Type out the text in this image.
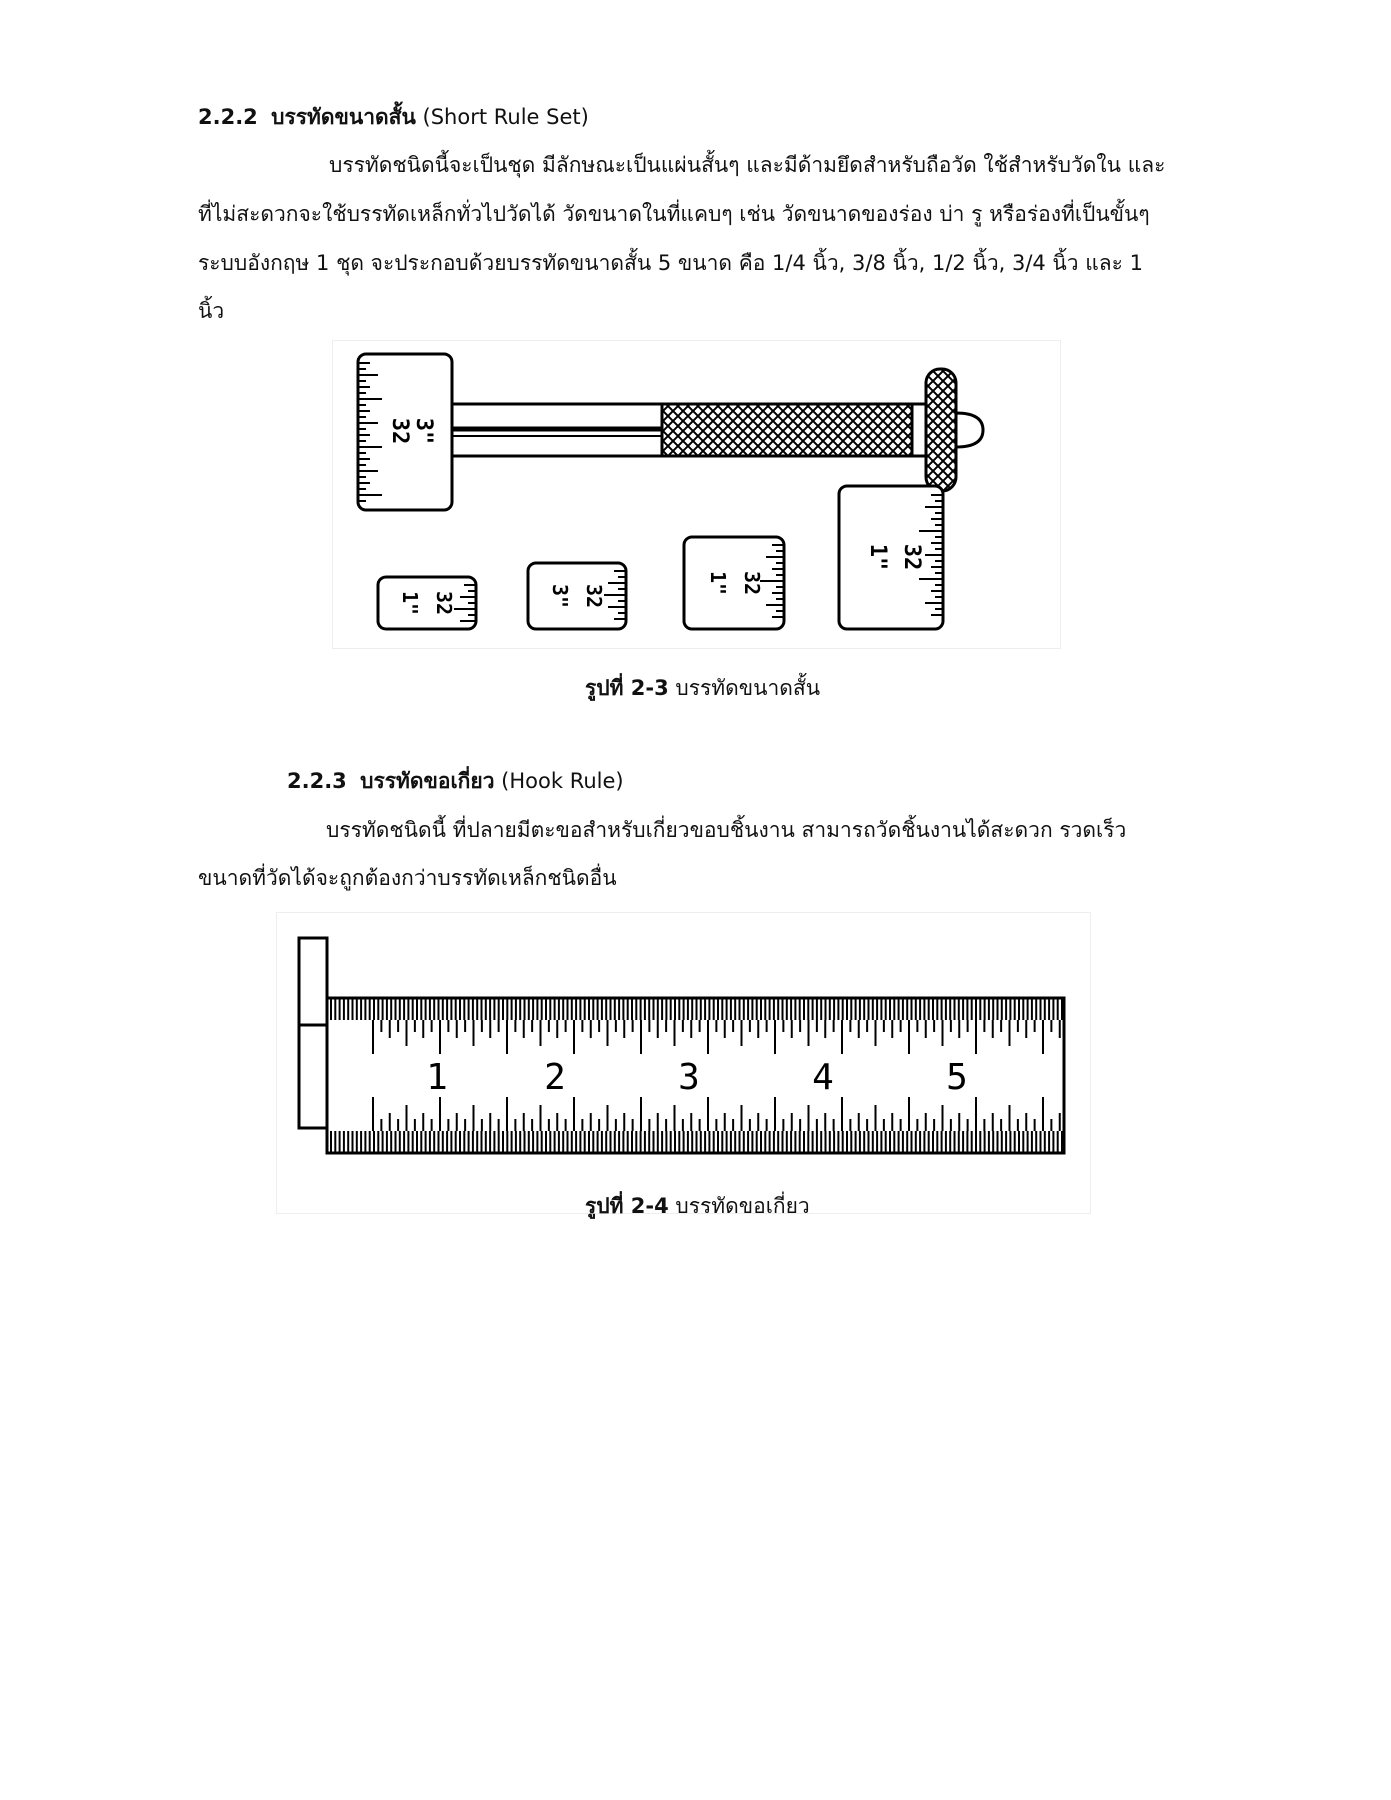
2.2.2 บรรทัดขนาดสั้น (Short Rule Set)
บรรทัดชนิดนี้จะเป็นชุด มีลักษณะเป็นแผ่นสั้นๆ และมีด้ามยึดสำหรับถือวัด ใช้สำหรับวัดใน และ
ที่ไม่สะดวกจะใช้บรรทัดเหล็กทั่วไปวัดได้ วัดขนาดในที่แคบๆ เช่น วัดขนาดของร่อง บ่า รู หรือร่องที่เป็นขั้นๆ
ระบบอังกฤษ 1 ชุด จะประกอบด้วยบรรทัดขนาดสั้น 5 ขนาด คือ 1/4 นิ้ว, 3/8 นิ้ว, 1/2 นิ้ว, 3/4 นิ้ว และ 1
นิ้ว
32 3"
32
1"	32
3"
32
1"
32
1"
รูปที่ 2-3 บรรทัดขนาดสั้น
2.2.3 บรรทัดขอเกี่ยว (Hook Rule)
บรรทัดชนิดนี้ ที่ปลายมีตะขอสำหรับเกี่ยวขอบชิ้นงาน สามารถวัดชิ้นงานได้สะดวก รวดเร็ว
ขนาดที่วัดได้จะถูกต้องกว่าบรรทัดเหล็กชนิดอื่น
1	2	3	4	5
รูปที่ 2-4 บรรทัดขอเกี่ยว
